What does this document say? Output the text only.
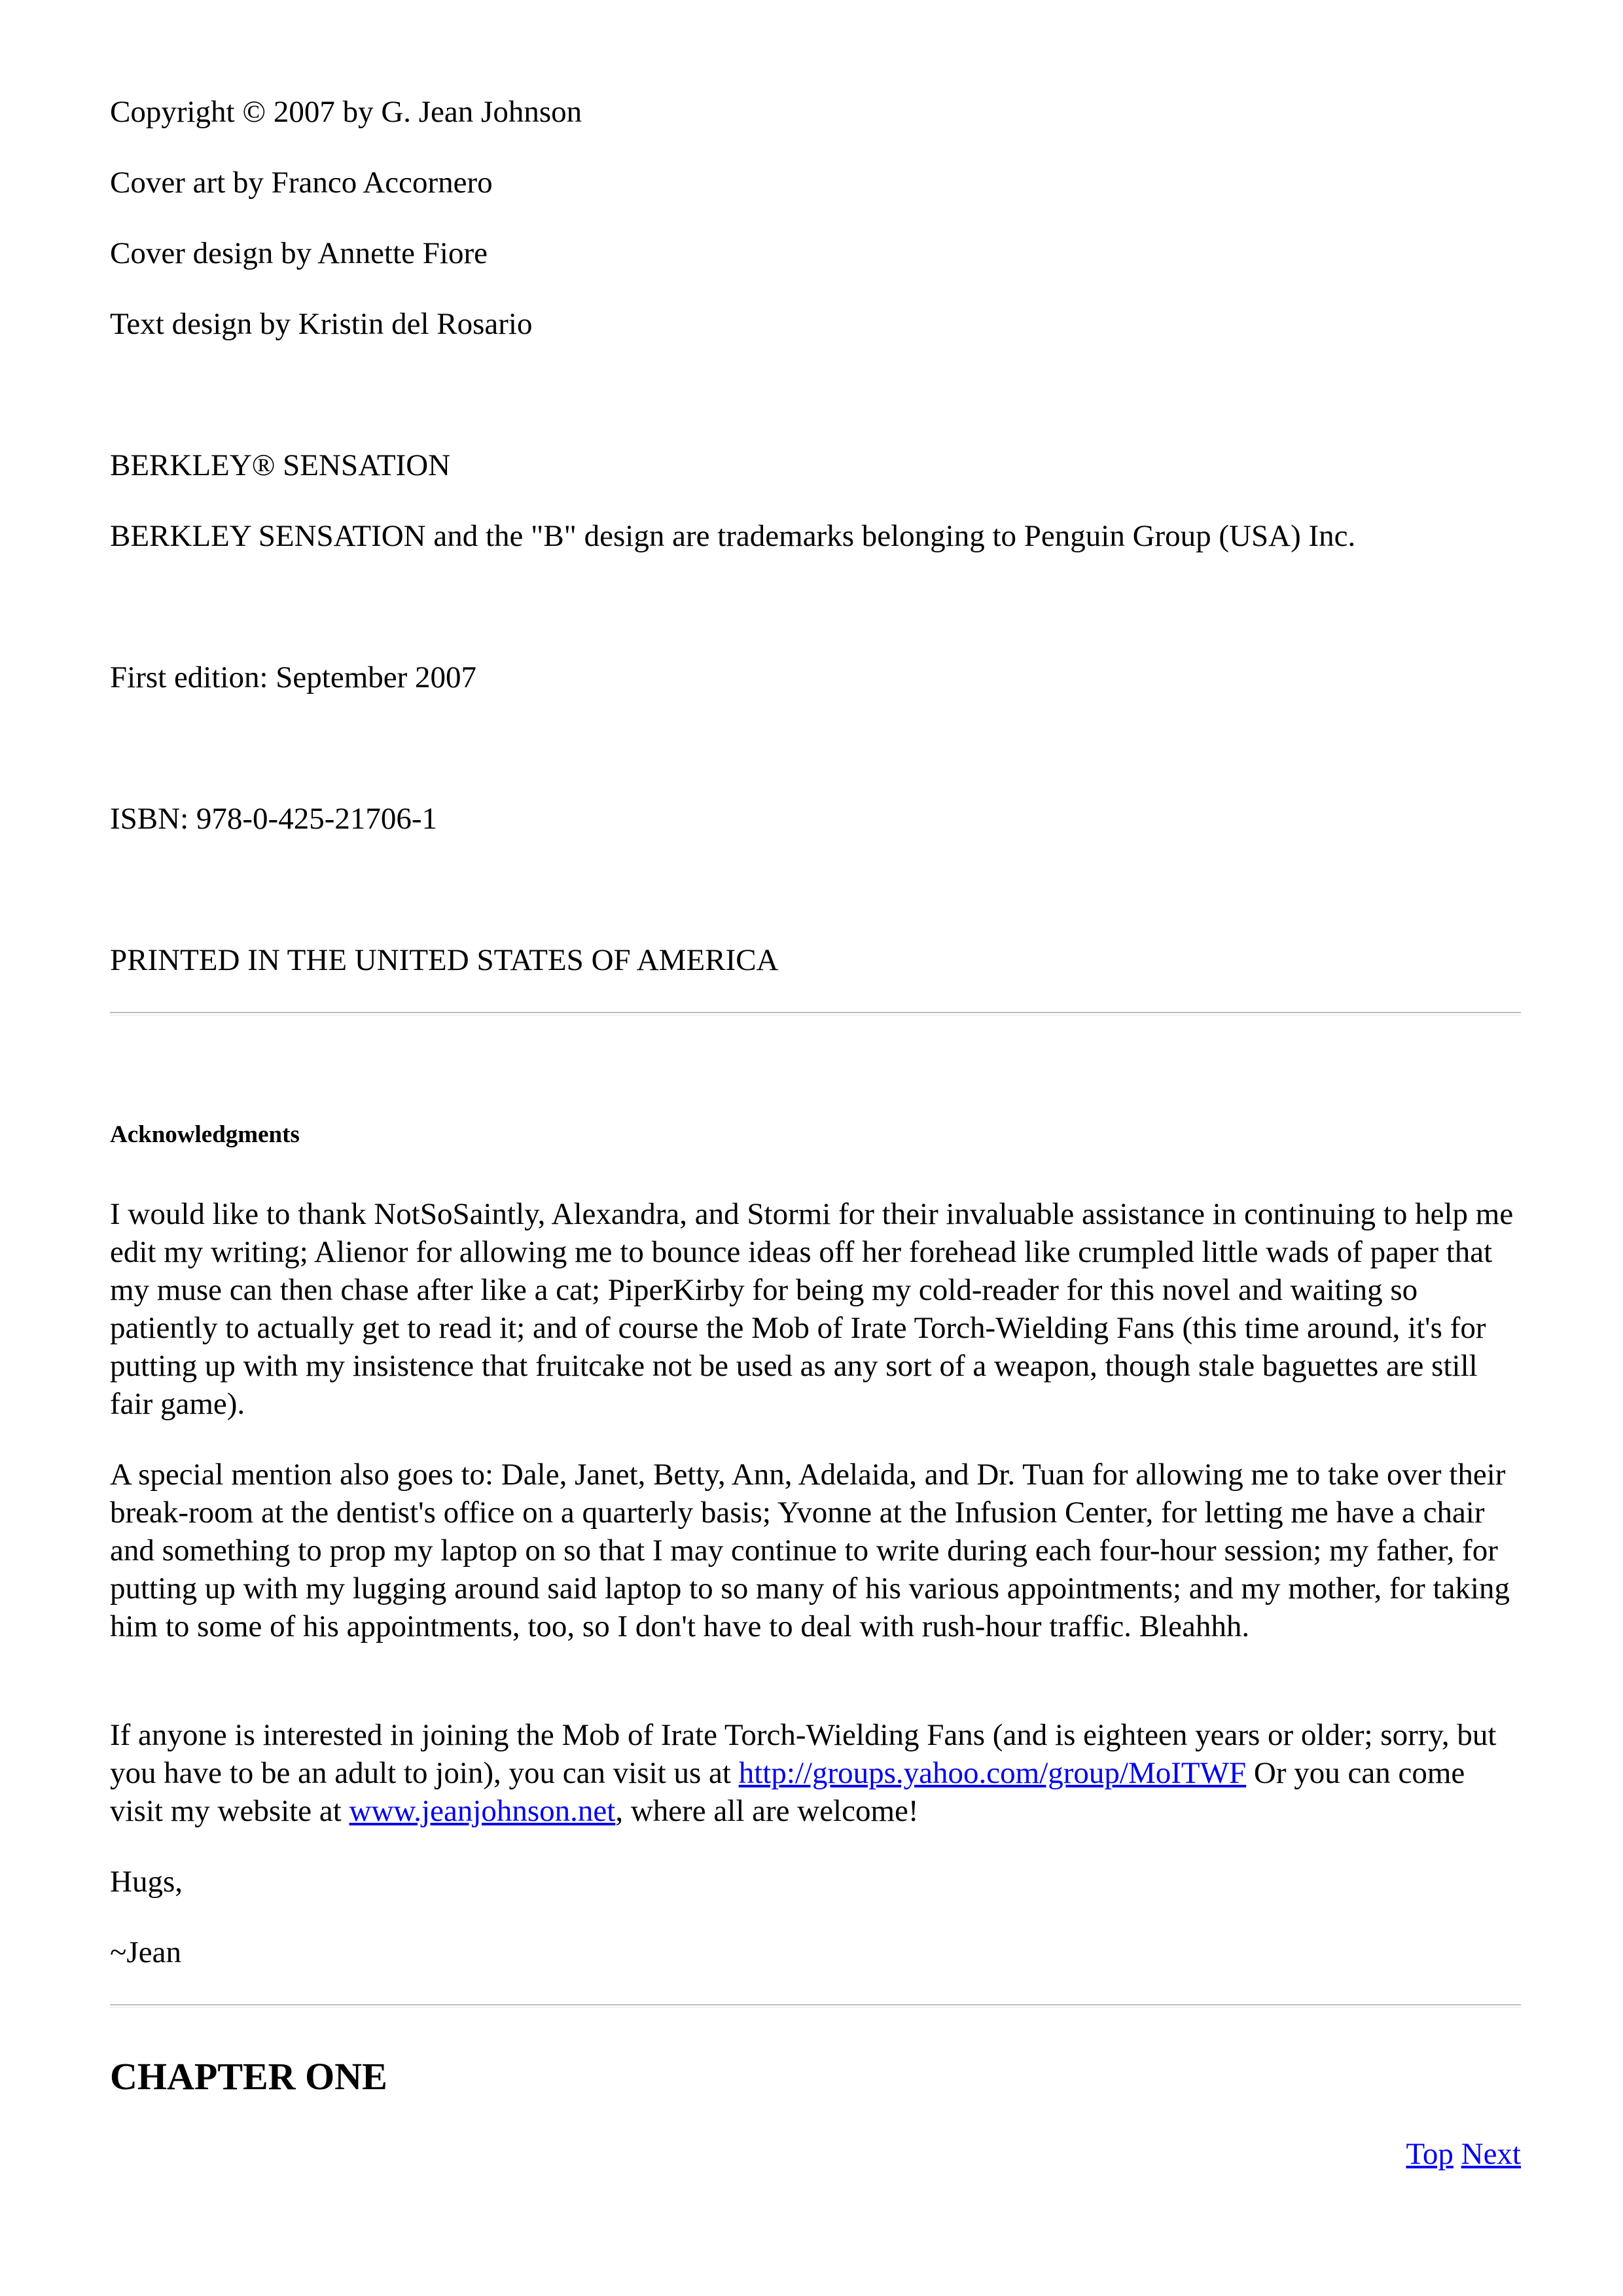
Copyright © 2007 by G. Jean Johnson

Cover art by Franco Accornero

Cover design by Annette Fiore

Text design by Kristin del Rosario

BERKLEY® SENSATION

BERKLEY SENSATION and the "B" design are trademarks belonging to Penguin Group (USA) Inc.

First edition: September 2007

ISBN: 978-0-425-21706-1

PRINTED IN THE UNITED STATES OF AMERICA

Acknowledgments

I would like to thank NotSoSaintly, Alexandra, and Stormi for their invaluable assistance in continuing to help me edit my writing; Alienor for allowing me to bounce ideas off her forehead like crumpled little wads of paper that my muse can then chase after like a cat; PiperKirby for being my cold-reader for this novel and waiting so patiently to actually get to read it; and of course the Mob of Irate Torch-Wielding Fans (this time around, it's for putting up with my insistence that fruitcake not be used as any sort of a weapon, though stale baguettes are still fair game).

A special mention also goes to: Dale, Janet, Betty, Ann, Adelaida, and Dr. Tuan for allowing me to take over their break-room at the dentist's office on a quarterly basis; Yvonne at the Infusion Center, for letting me have a chair and something to prop my laptop on so that I may continue to write during each four-hour session; my father, for putting up with my lugging around said laptop to so many of his various appointments; and my mother, for taking him to some of his appointments, too, so I don't have to deal with rush-hour traffic. Bleahhh.

If anyone is interested in joining the Mob of Irate Torch-Wielding Fans (and is eighteen years or older; sorry, but you have to be an adult to join), you can visit us at http://groups.yahoo.com/group/MoITWF Or you can come visit my website at www.jeanjohnson.net, where all are welcome!

Hugs,

~Jean

CHAPTER ONE
Top Next
